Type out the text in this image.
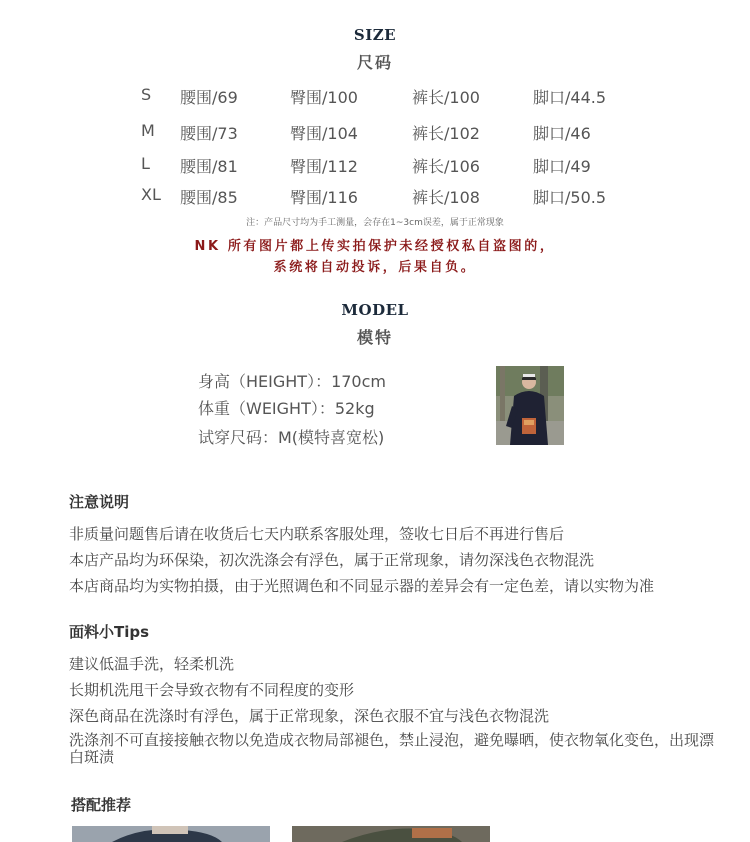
SIZE
尺码
S 腰围/69	臀围/100	裤长/100	脚口/44.5
M 腰围/73	臀围/104	裤长/102	脚口/46
L 腰围/81	臀围/112	裤长/106	脚口/49
XL 腰围/85	臀围/116	裤长/108	脚口/50.5
注：产品尺寸均为手工测量，会存在1~3cm误差，属于正常现象
NK 所有图片都上传实拍保护未经授权私自盗图的，
系统将自动投诉，后果自负。
MODEL
模特
身高（HEIGHT）：170cm
体重（WEIGHT）：52kg
试穿尺码：M(模特喜宽松)
注意说明
非质量问题售后请在收货后七天内联系客服处理，签收七日后不再进行售后
本店产品均为环保染，初次洗涤会有浮色，属于正常现象，请勿深浅色衣物混洗
本店商品均为实物拍摄，由于光照调色和不同显示器的差异会有一定色差，请以实物为准
面料小Tips
建议低温手洗，轻柔机洗
长期机洗甩干会导致衣物有不同程度的变形
深色商品在洗涤时有浮色，属于正常现象，深色衣服不宜与浅色衣物混洗
洗涤剂不可直接接触衣物以免造成衣物局部褪色，禁止浸泡，避免曝晒，使衣物氧化变色，出现漂白斑渍
搭配推荐
